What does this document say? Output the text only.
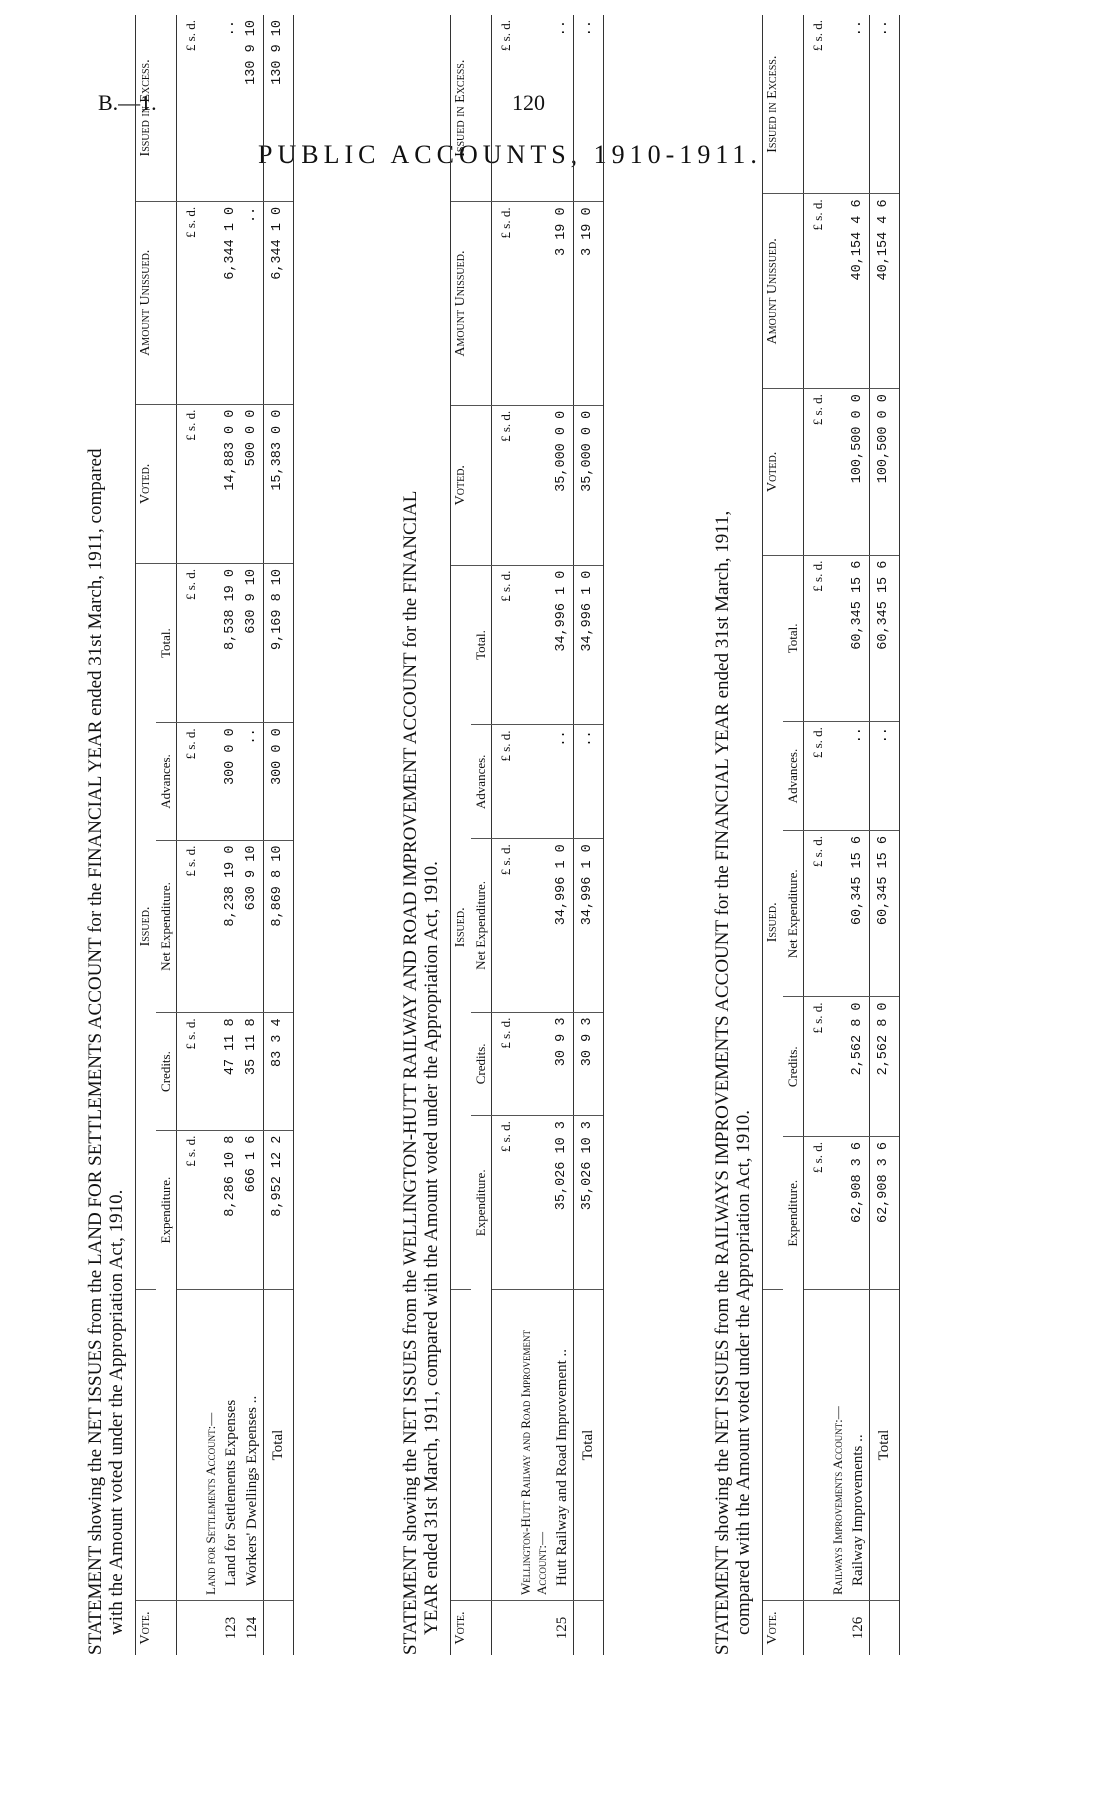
B.—1.	120
PUBLIC ACCOUNTS, 1910-1911.
STATEMENT showing the NET ISSUES from the LAND FOR SETTLEMENTS ACCOUNT for the FINANCIAL YEAR ended 31st March, 1911, compared with the Amount voted under the Appropriation Act, 1910. Vote.		Issued.					Voted.	Amount Unissued.	Issued in Excess.
		Expenditure.	Credits.	Net Expenditure.	Advances.	Total.			
		£ s. d.	£ s. d.	£ s. d.	£ s. d.	£ s. d.	£ s. d.	£ s. d.	£ s. d.
	Land for Settlements Account:—								
123	Land for Settlements Expenses	8,286 10 8	47 11 8	8,238 19 0	300 0 0	8,538 19 0	14,883 0 0	6,344 1 0	..
124	Workers' Dwellings Expenses ..	666 1 6	35 11 8	630 9 10	..	630 9 10	500 0 0	..	130 9 10
	Total	8,952 12 2	83 3 4	8,869 8 10	300 0 0	9,169 8 10	15,383 0 0	6,344 1 0	130 9 10
STATEMENT showing the NET ISSUES from the WELLINGTON-HUTT RAILWAY AND ROAD IMPROVEMENT ACCOUNT for the FINANCIAL YEAR ended 31st March, 1911, compared with the Amount voted under the Appropriation Act, 1910. Vote.		Issued.					Voted.	Amount Unissued.	Issued in Excess.
		Expenditure.	Credits.	Net Expenditure.	Advances.	Total.			
		£ s. d.	£ s. d.	£ s. d.	£ s. d.	£ s. d.	£ s. d.	£ s. d.	£ s. d.
	Wellington-Hutt Railway and Road Improvement Account:—								
125	Hutt Railway and Road Improvement ..	35,026 10 3	30 9 3	34,996 1 0	..	34,996 1 0	35,000 0 0	3 19 0	..
	Total	35,026 10 3	30 9 3	34,996 1 0	..	34,996 1 0	35,000 0 0	3 19 0	..
STATEMENT showing the NET ISSUES from the RAILWAYS IMPROVEMENTS ACCOUNT for the FINANCIAL YEAR ended 31st March, 1911, compared with the Amount voted under the Appropriation Act, 1910. Vote.		Issued.					Voted.	Amount Unissued.	Issued in Excess.
		Expenditure.	Credits.	Net Expenditure.	Advances.	Total.			
		£ s. d.	£ s. d.	£ s. d.	£ s. d.	£ s. d.	£ s. d.	£ s. d.	£ s. d.
	Railways Improvements Account:—								
126	Railway Improvements ..	62,908 3 6	2,562 8 0	60,345 15 6	..	60,345 15 6	100,500 0 0	40,154 4 6	..
	Total	62,908 3 6	2,562 8 0	60,345 15 6	..	60,345 15 6	100,500 0 0	40,154 4 6	..
